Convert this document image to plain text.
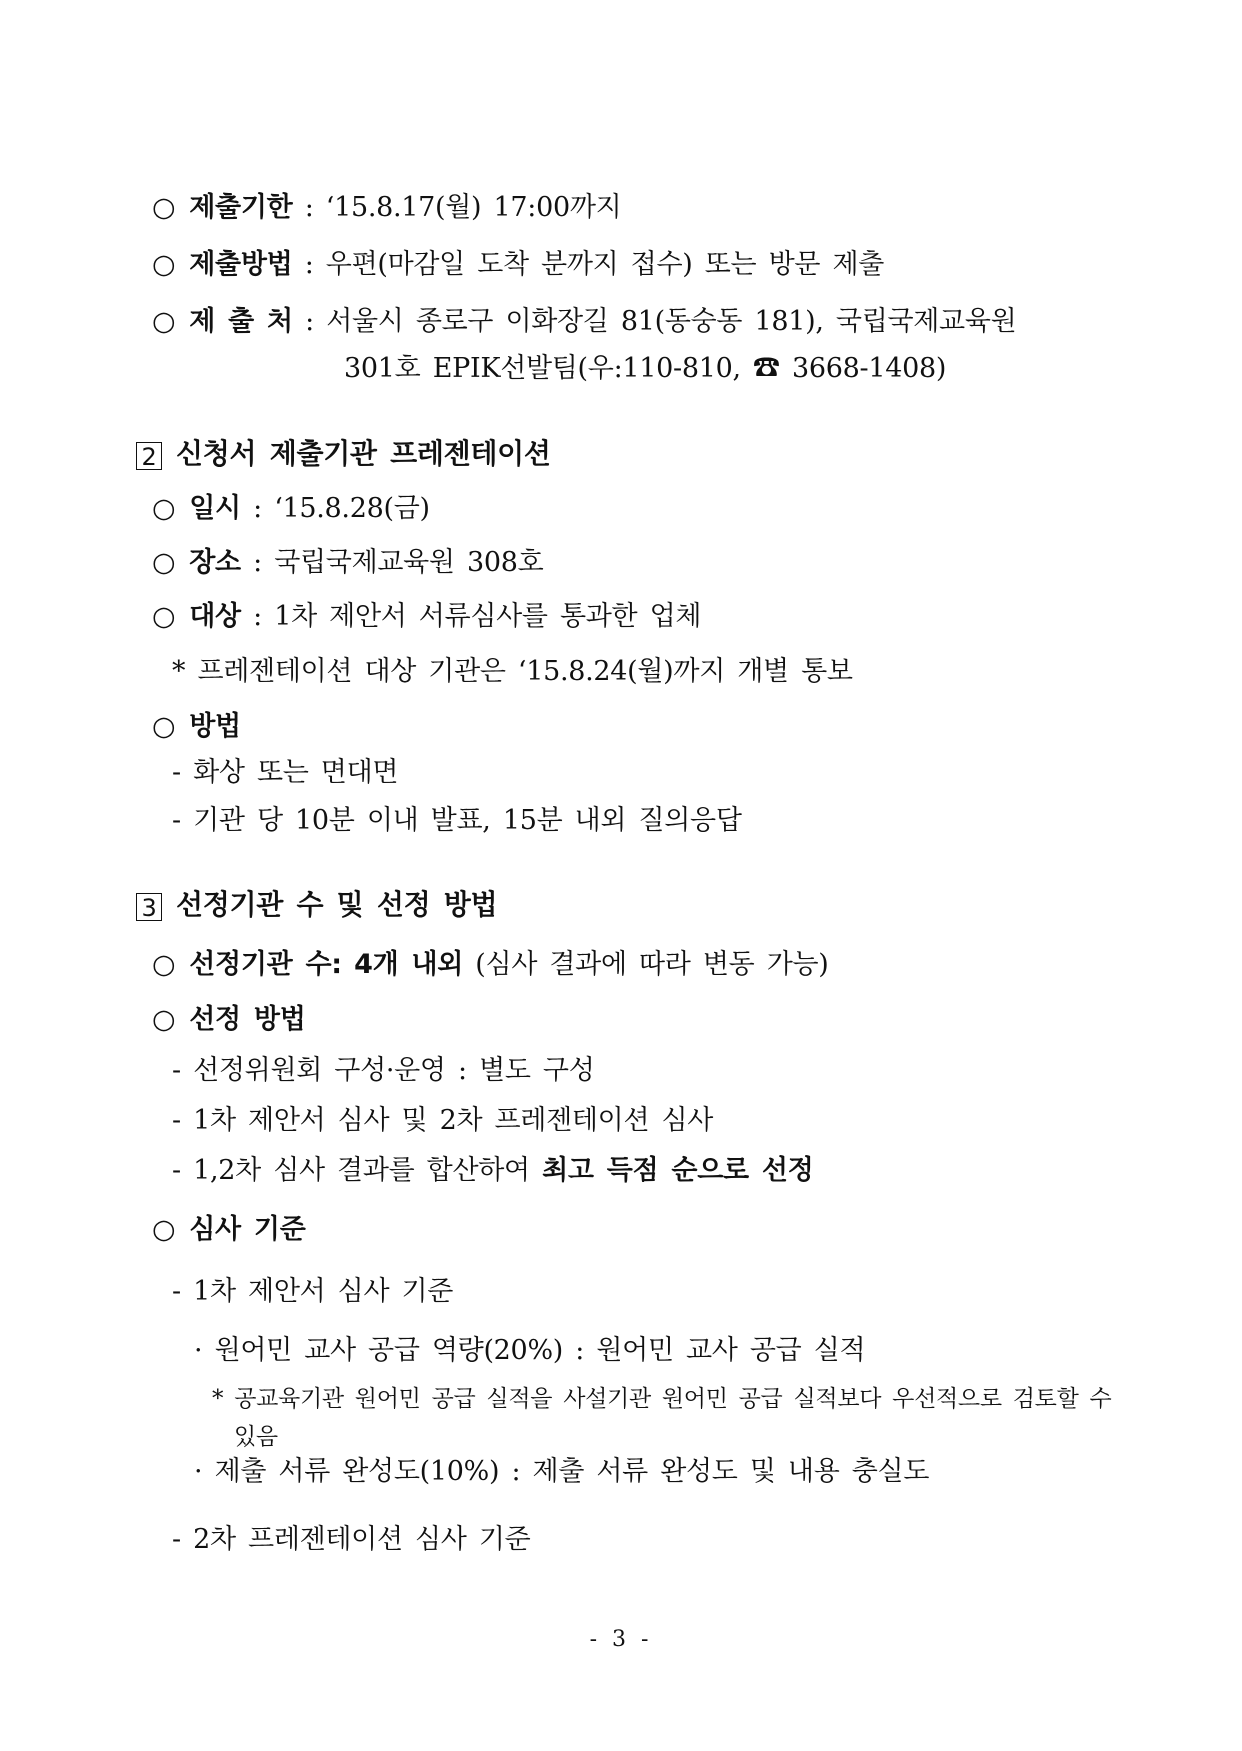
○ 제출기한 : ‘15.8.17(월) 17:00까지
○ 제출방법 : 우편(마감일 도착 분까지 접수) 또는 방문 제출
○ 제 출 처 : 서울시 종로구 이화장길 81(동숭동 181), 국립국제교육원
301호 EPIK선발팀(우:110-810, ☎ 3668-1408)
2 신청서 제출기관 프레젠테이션
○ 일시 : ‘15.8.28(금)
○ 장소 : 국립국제교육원 308호
○ 대상 : 1차 제안서 서류심사를 통과한 업체
* 프레젠테이션 대상 기관은 ‘15.8.24(월)까지 개별 통보
○ 방법
- 화상 또는 면대면
- 기관 당 10분 이내 발표, 15분 내외 질의응답
3 선정기관 수 및 선정 방법
○ 선정기관 수: 4개 내외 (심사 결과에 따라 변동 가능)
○ 선정 방법
- 선정위원회 구성·운영 : 별도 구성
- 1차 제안서 심사 및 2차 프레젠테이션 심사
- 1,2차 심사 결과를 합산하여 최고 득점 순으로 선정
○ 심사 기준
- 1차 제안서 심사 기준
· 원어민 교사 공급 역량(20%) : 원어민 교사 공급 실적
* 공교육기관 원어민 공급 실적을 사설기관 원어민 공급 실적보다 우선적으로 검토할 수
있음
· 제출 서류 완성도(10%) : 제출 서류 완성도 및 내용 충실도
- 2차 프레젠테이션 심사 기준
- 3 -
